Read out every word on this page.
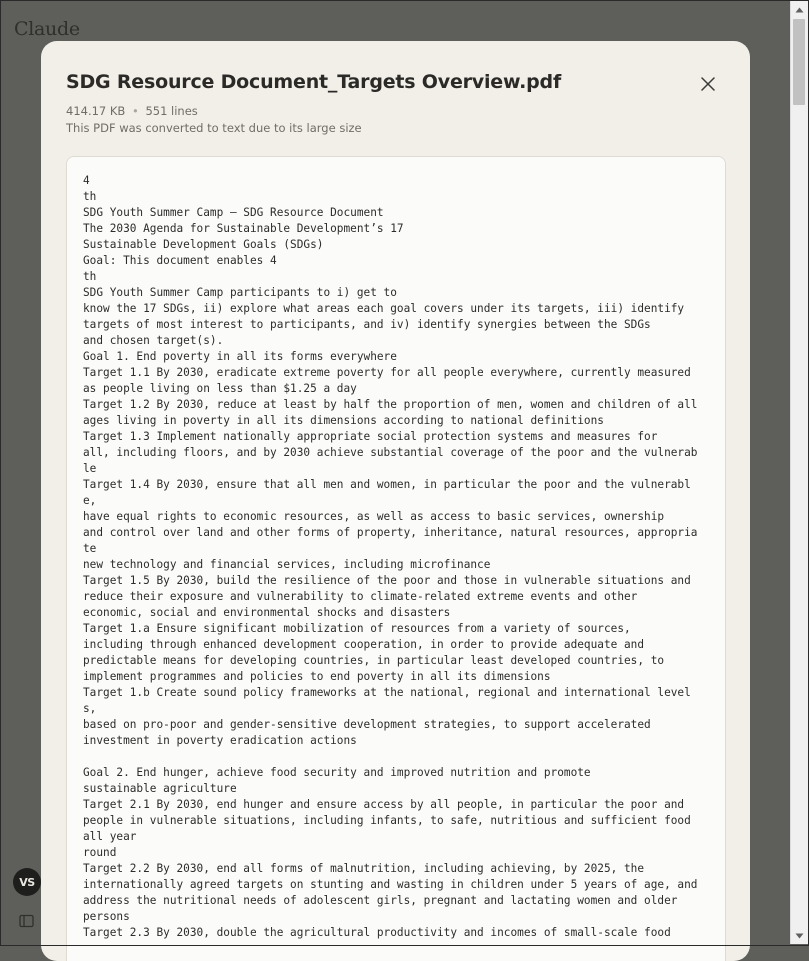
Claude
VS
SDG Resource Document_Targets Overview.pdf
414.17 KB • 551 lines
This PDF was converted to text due to its large size
4
th
SDG Youth Summer Camp – SDG Resource Document
The 2030 Agenda for Sustainable Development’s 17
Sustainable Development Goals (SDGs)
Goal: This document enables 4
th
SDG Youth Summer Camp participants to i) get to
know the 17 SDGs, ii) explore what areas each goal covers under its targets, iii) identify
targets of most interest to participants, and iv) identify synergies between the SDGs
and chosen target(s).
Goal 1. End poverty in all its forms everywhere
Target 1.1 By 2030, eradicate extreme poverty for all people everywhere, currently measured
as people living on less than $1.25 a day
Target 1.2 By 2030, reduce at least by half the proportion of men, women and children of all
ages living in poverty in all its dimensions according to national definitions
Target 1.3 Implement nationally appropriate social protection systems and measures for
all, including floors, and by 2030 achieve substantial coverage of the poor and the vulnerab
le
Target 1.4 By 2030, ensure that all men and women, in particular the poor and the vulnerabl
e,
have equal rights to economic resources, as well as access to basic services, ownership
and control over land and other forms of property, inheritance, natural resources, appropria
te
new technology and financial services, including microfinance
Target 1.5 By 2030, build the resilience of the poor and those in vulnerable situations and
reduce their exposure and vulnerability to climate-related extreme events and other
economic, social and environmental shocks and disasters
Target 1.a Ensure significant mobilization of resources from a variety of sources,
including through enhanced development cooperation, in order to provide adequate and
predictable means for developing countries, in particular least developed countries, to
implement programmes and policies to end poverty in all its dimensions
Target 1.b Create sound policy frameworks at the national, regional and international level
s,
based on pro-poor and gender-sensitive development strategies, to support accelerated
investment in poverty eradication actions

Goal 2. End hunger, achieve food security and improved nutrition and promote
sustainable agriculture
Target 2.1 By 2030, end hunger and ensure access by all people, in particular the poor and
people in vulnerable situations, including infants, to safe, nutritious and sufficient food
all year
round
Target 2.2 By 2030, end all forms of malnutrition, including achieving, by 2025, the
internationally agreed targets on stunting and wasting in children under 5 years of age, and
address the nutritional needs of adolescent girls, pregnant and lactating women and older
persons
Target 2.3 By 2030, double the agricultural productivity and incomes of small-scale food
